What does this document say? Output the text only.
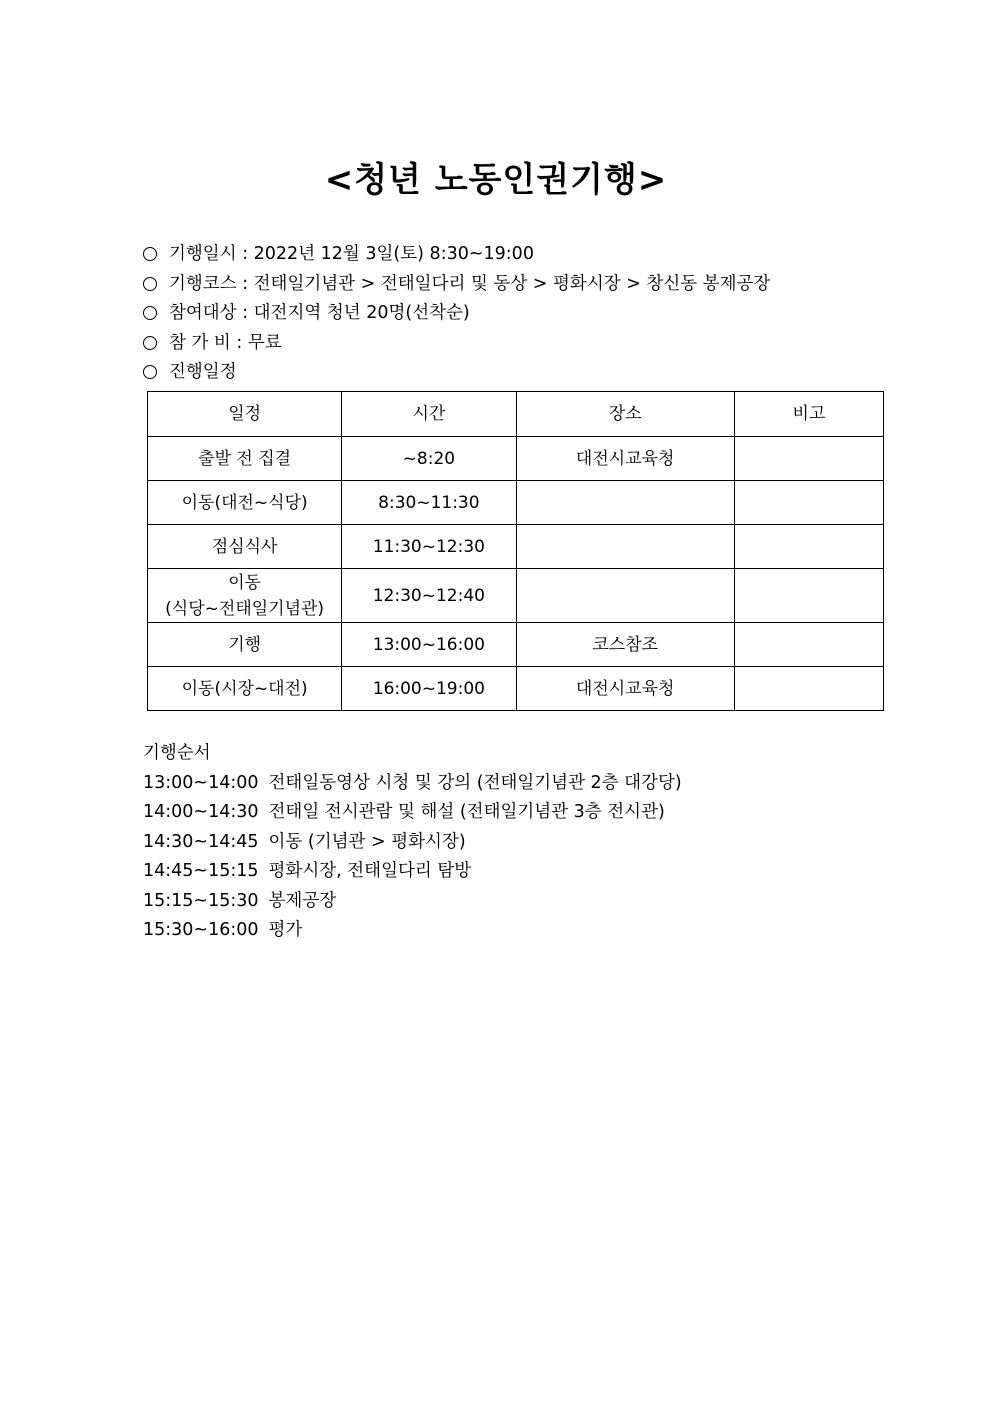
<청년 노동인권기행>
기행일시 : 2022년 12월 3일(토) 8:30~19:00
기행코스 : 전태일기념관 > 전태일다리 및 동상 > 평화시장 > 창신동 봉제공장
참여대상 : 대전지역 청년 20명(선착순)
참 가 비 : 무료
진행일정
일정	시간	장소	비고
출발 전 집결	~8:20	대전시교육청	
이동(대전~식당)	8:30~11:30		
점심식사	11:30~12:30		

이동
(식당~전태일기념관)	12:30~12:40		
기행	13:00~16:00	코스참조	
이동(시장~대전)	16:00~19:00	대전시교육청	
기행순서
13:00~14:00 전태일동영상 시청 및 강의 (전태일기념관 2층 대강당)
14:00~14:30 전태일 전시관람 및 해설 (전태일기념관 3층 전시관)
14:30~14:45 이동 (기념관 > 평화시장)
14:45~15:15 평화시장, 전태일다리 탐방
15:15~15:30 봉제공장
15:30~16:00 평가
